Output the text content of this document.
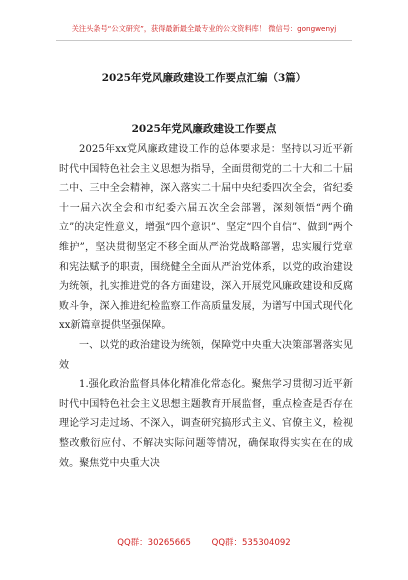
关注头条号“公文研究”，获得最新最全最专业的公文资料库！ 微信号：gongwenyj
2025年党风廉政建设工作要点汇编（3篇）
2025年党风廉政建设工作要点

2025年xx党风廉政建设工作的总体要求是：坚持以习近平新时代中国特色社会主义思想为指导，全面贯彻党的二十大和二十届二中、三中全会精神，深入落实二十届中央纪委四次全会，省纪委十一届六次全会和市纪委六届五次全会部署，深刻领悟“两个确立”的决定性意义，增强“四个意识”、坚定“四个自信”、做到“两个维护”，坚决贯彻坚定不移全面从严治党战略部署，忠实履行党章和宪法赋予的职责，围绕健全全面从严治党体系，以党的政治建设为统领，扎实推进党的各方面建设，深入开展党风廉政建设和反腐败斗争，深入推进纪检监察工作高质量发展，为谱写中国式现代化xx新篇章提供坚强保障。

一、以党的政治建设为统领，保障党中央重大决策部署落实见效

1.强化政治监督具体化精准化常态化。聚焦学习贯彻习近平新时代中国特色社会主义思想主题教育开展监督，重点检查是否存在理论学习走过场、不深入，调查研究搞形式主义、官僚主义，检视整改敷衍应付、不解决实际问题等情况，确保取得实实在在的成效。聚焦党中央重大决

QQ群：30265665 QQ群：535304092
